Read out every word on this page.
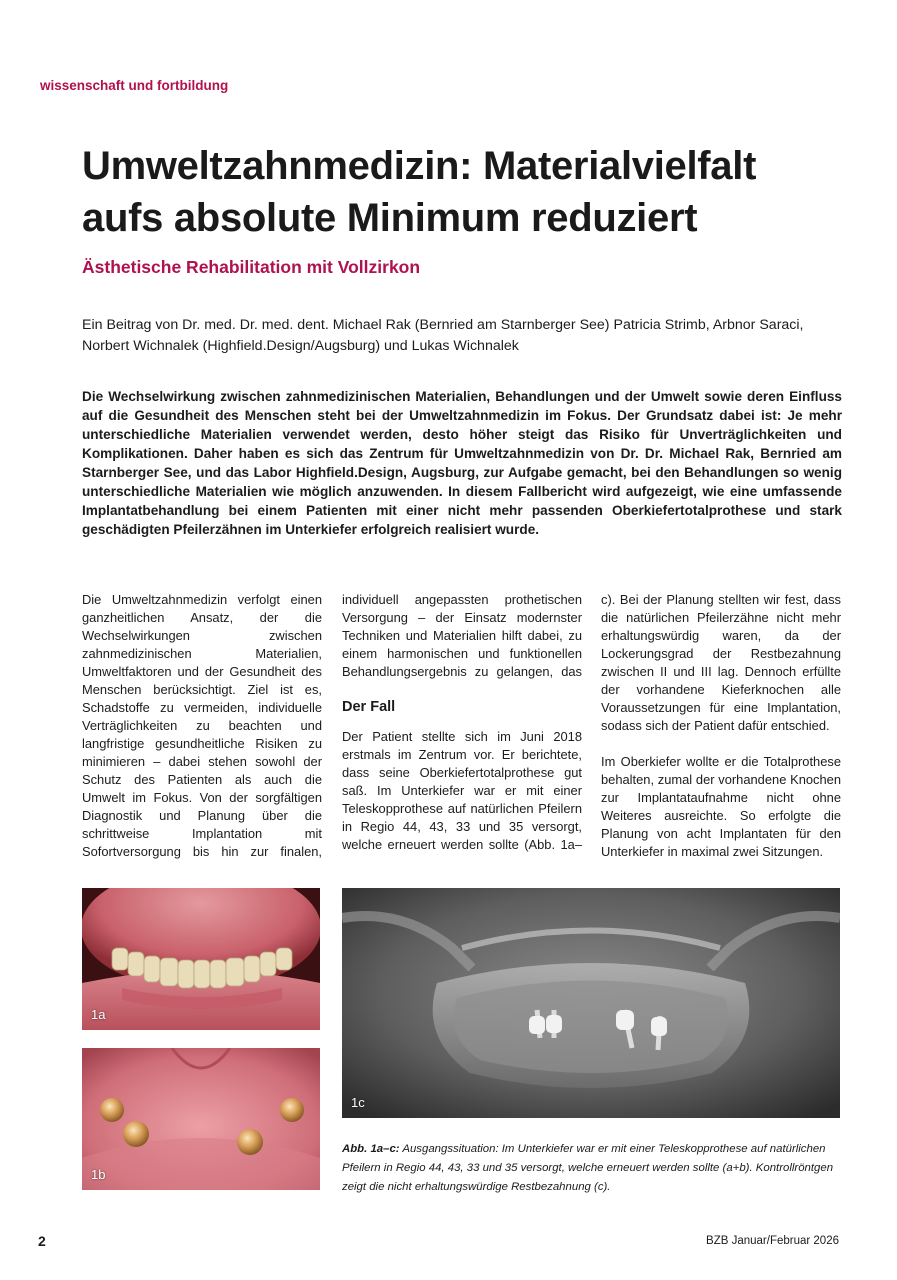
wissenschaft und fortbildung
Umweltzahnmedizin: Materialvielfalt
aufs absolute Minimum reduziert
Ästhetische Rehabilitation mit Vollzirkon

Ein Beitrag von Dr. med. Dr. med. dent. Michael Rak (Bernried am Starnberger See) Patricia Strimb, Arbnor Saraci, Norbert Wichnalek (Highfield.Design/Augsburg) und Lukas Wichnalek

Die Wechselwirkung zwischen zahnmedizinischen Materialien, Behandlungen und der Umwelt sowie deren Einfluss auf die Gesundheit des Menschen steht bei der Umweltzahnmedizin im Fokus. Der Grundsatz dabei ist: Je mehr unterschiedliche Materialien verwendet werden, desto höher steigt das Risiko für Unverträglichkeiten und Komplikationen. Daher haben es sich das Zentrum für Umweltzahnmedizin von Dr. Dr. Michael Rak, Bernried am Starnberger See, und das Labor Highfield.Design, Augsburg, zur Aufgabe gemacht, bei den Behandlungen so wenig unterschiedliche Materialien wie möglich anzuwenden. In diesem Fallbericht wird aufgezeigt, wie eine umfassende Implantatbehandlung bei einem Patienten mit einer nicht mehr passenden Oberkiefertotalprothese und stark geschädigten Pfeilerzähnen im Unterkiefer erfolgreich realisiert wurde.

Die Umweltzahnmedizin verfolgt einen ganzheitlichen Ansatz, der die Wechselwirkungen zwischen zahnmedizinischen Materialien, Umweltfaktoren und der Gesundheit des Menschen berücksichtigt. Ziel ist es, Schadstoffe zu vermeiden, individuelle Verträglichkeiten zu beachten und langfristige gesundheitliche Risiken zu minimieren – dabei stehen sowohl der Schutz des Patienten als auch die Umwelt im Fokus. Von der sorgfältigen Diagnostik und Planung über die schrittweise Implantation mit Sofortversorgung bis hin zur finalen,

individuell angepassten prothetischen Versorgung – der Einsatz modernster Techniken und Materialien hilft dabei, zu einem harmonischen und funktionellen Behandlungsergebnis zu gelangen, das

Der Fall

Der Patient stellte sich im Juni 2018 erstmals im Zentrum vor. Er berichtete, dass seine Oberkiefertotalprothese gut saß. Im Unterkiefer war er mit einer Teleskopprothese auf natürlichen Pfeilern in Regio 44, 43, 33 und 35 versorgt, welche erneuert werden sollte (Abb. 1a–

c). Bei der Planung stellten wir fest, dass die natürlichen Pfeilerzähne nicht mehr erhaltungswürdig waren, da der Lockerungsgrad der Restbezahnung zwischen II und III lag. Dennoch erfüllte der vorhandene Kieferknochen alle Voraussetzungen für eine Implantation, sodass sich der Patient dafür entschied.

Im Oberkiefer wollte er die Totalprothese behalten, zumal der vorhandene Knochen zur Implantataufnahme nicht ohne Weiteres ausreichte. So erfolgte die Planung von acht Implantaten für den Unterkiefer in maximal zwei Sitzungen.

1a
1b
1c

Abb. 1a–c: Ausgangssituation: Im Unterkiefer war er mit einer Teleskopprothese auf natürlichen Pfeilern in Regio 44, 43, 33 und 35 versorgt, welche erneuert werden sollte (a+b). Kontrollröntgen zeigt die nicht erhaltungswürdige Restbezahnung (c).

2	BZB Januar/Februar 2026
